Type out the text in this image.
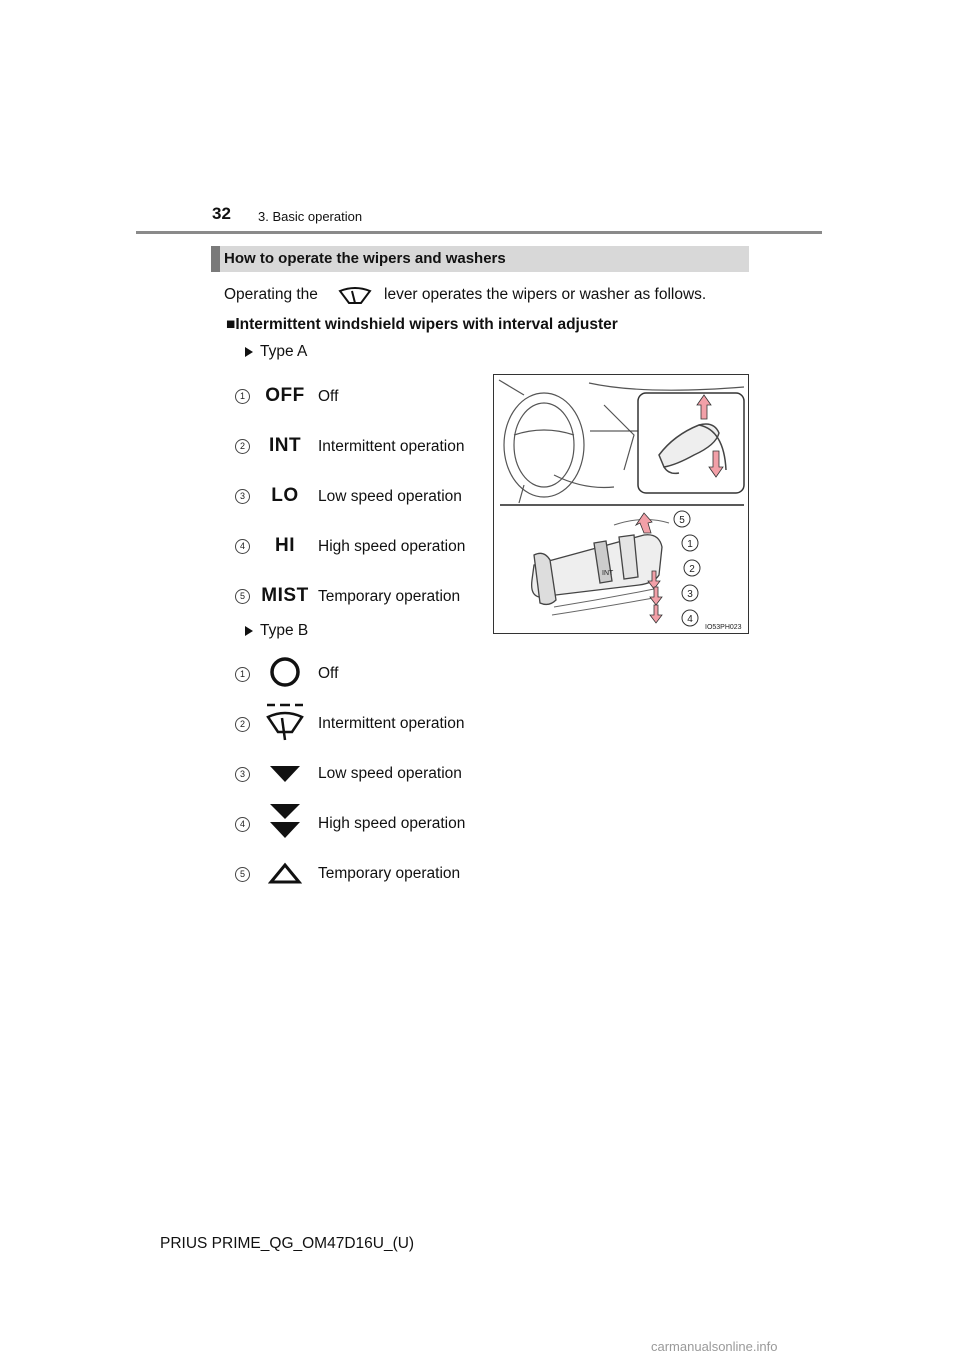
32 3. Basic operation
How to operate the wipers and washers
Operating the	lever operates the wipers or washer as follows.
■Intermittent windshield wipers with interval adjuster
Type A
1	OFF Off
2	INT	Intermittent operation
3	LO	Low speed operation
4	HI	High speed operation
5 MIST Temporary operation
INT
5
1
2
3
4
IO53PH023
Type B
1	Off
2	Intermittent operation
3	Low speed operation
4	High speed operation
5	Temporary operation
PRIUS PRIME_QG_OM47D16U_(U)
carmanualsonline.info
